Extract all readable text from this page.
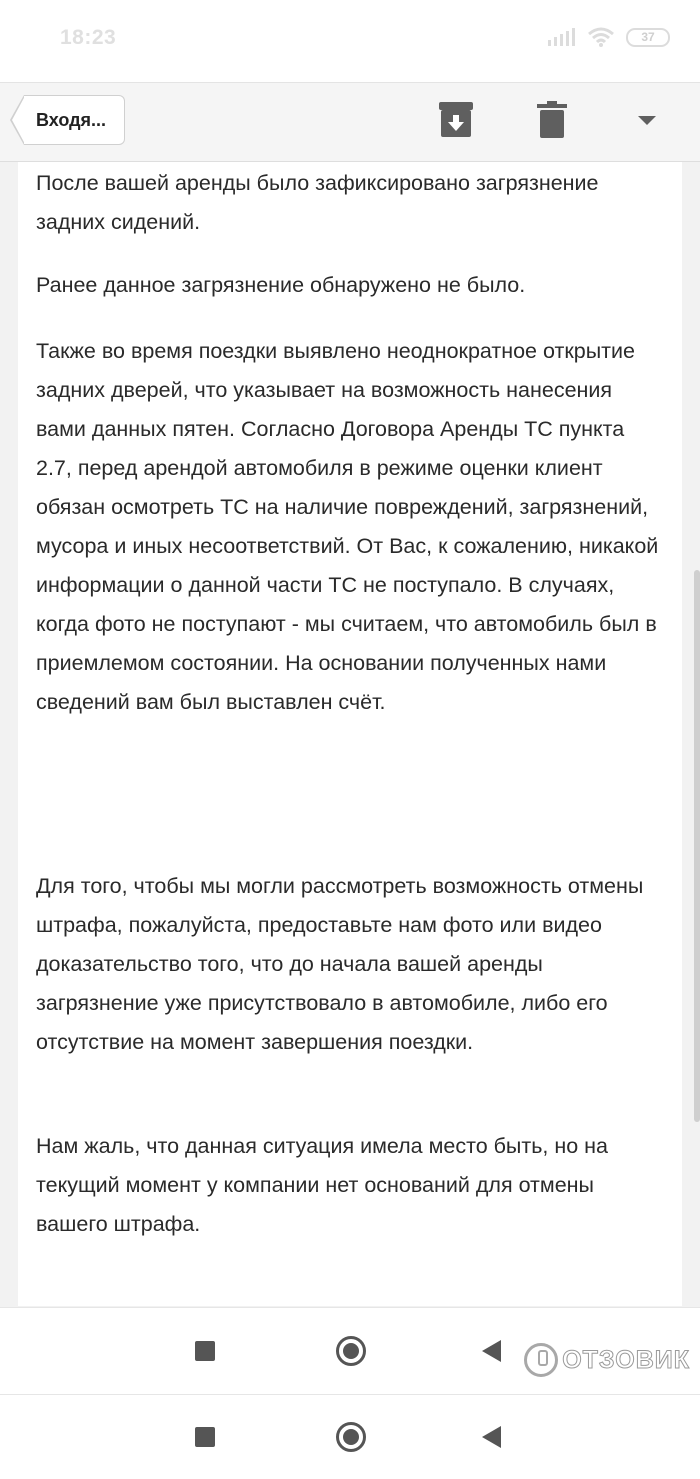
18:23	37
Входя...

После вашей аренды было зафиксировано загрязнение задних сидений.

Ранее данное загрязнение обнаружено не было.

Также во время поездки выявлено неоднократное открытие задних дверей, что указывает на возможность нанесения вами данных пятен. Согласно Договора Аренды ТС пункта 2.7, перед арендой автомобиля в режиме оценки клиент обязан осмотреть ТС на наличие повреждений, загрязнений, мусора и иных несоответствий. От Вас, к сожалению, никакой информации о данной части ТС не поступало. В случаях, когда фото не поступают - мы считаем, что автомобиль был в приемлемом состоянии. На основании полученных нами сведений вам был выставлен счёт.

Для того, чтобы мы могли рассмотреть возможность отмены штрафа, пожалуйста, предоставьте нам фото или видео доказательство того, что до начала вашей аренды загрязнение уже присутствовало в автомобиле, либо его отсутствие на момент завершения поездки.

Нам жаль, что данная ситуация имела место быть, но на текущий момент у компании нет оснований для отмены вашего штрафа.

ОТЗОВИК
